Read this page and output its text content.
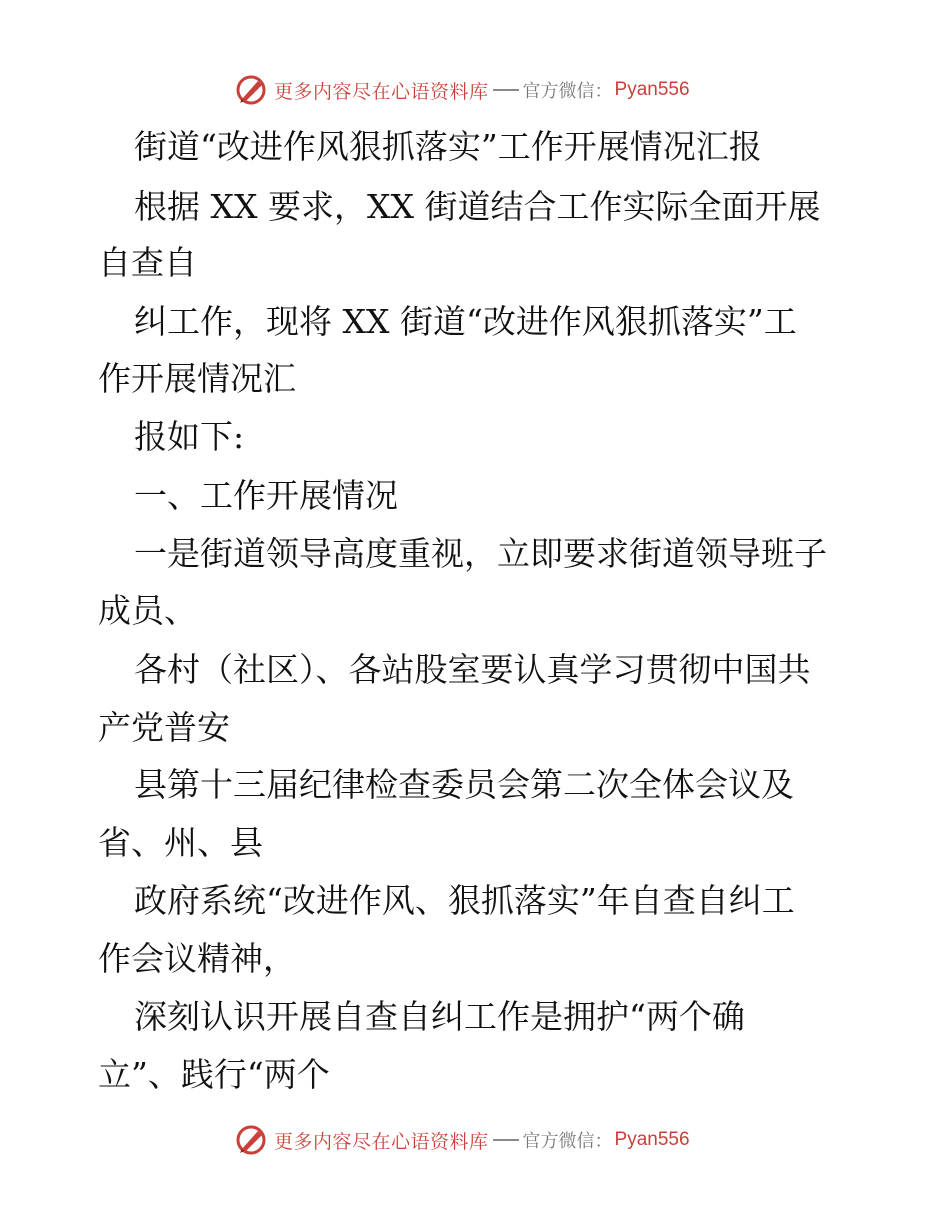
更多内容尽在心语资料库 官方微信： Pyan556
街道“改进作风狠抓落实”工作开展情况汇报
根据 XX 要求，XX 街道结合工作实际全面开展
自查自
纠工作，现将 XX 街道“改进作风狠抓落实”工
作开展情况汇
报如下:
一、工作开展情况
一是街道领导高度重视，立即要求街道领导班子
成员、
各村（社区）、各站股室要认真学习贯彻中国共
产党普安
县第十三届纪律检查委员会第二次全体会议及
省、州、县
政府系统“改进作风、狠抓落实”年自查自纠工
作会议精神，
深刻认识开展自查自纠工作是拥护“两个确
立”、践行“两个
更多内容尽在心语资料库 官方微信： Pyan556
